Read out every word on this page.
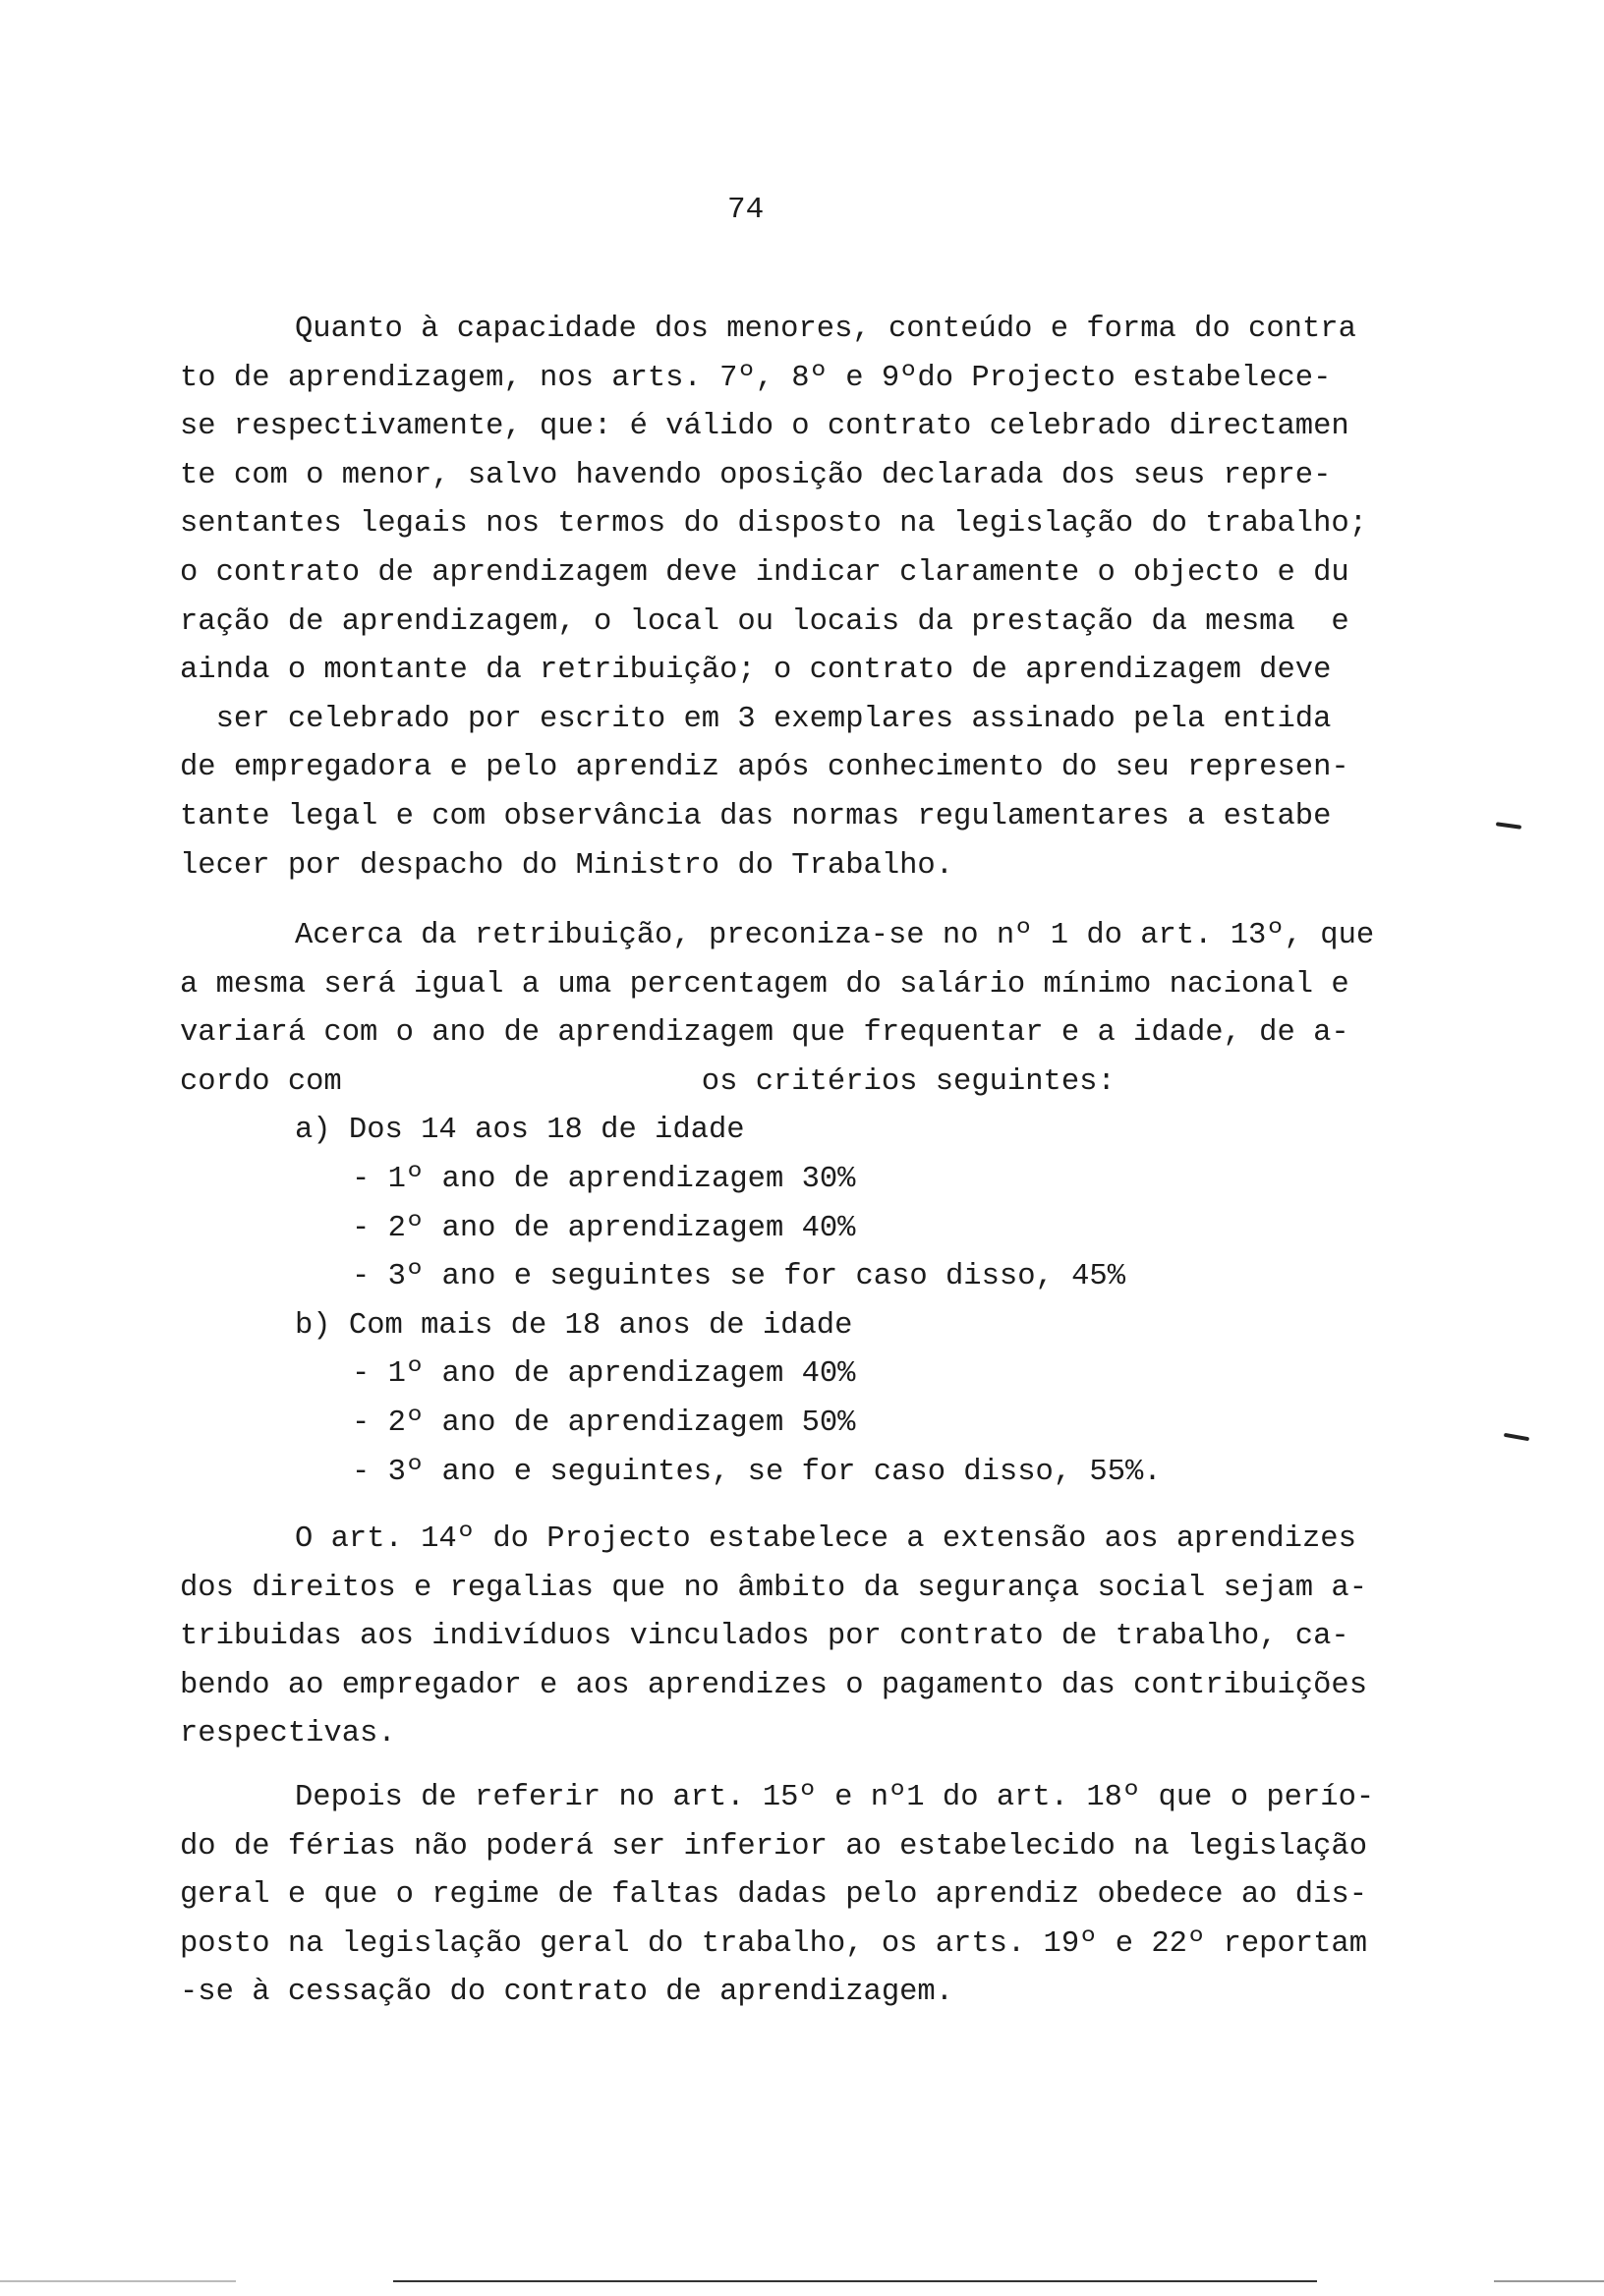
74
Quanto à capacidade dos menores, conteúdo e forma do contra
to de aprendizagem, nos arts. 7º, 8º e 9ºdo Projecto estabelece-
se respectivamente, que: é válido o contrato celebrado directamen
te com o menor, salvo havendo oposição declarada dos seus repre-
sentantes legais nos termos do disposto na legislação do trabalho;
o contrato de aprendizagem deve indicar claramente o objecto e du
ração de aprendizagem, o local ou locais da prestação da mesma  e
ainda o montante da retribuição; o contrato de aprendizagem deve
ser celebrado por escrito em 3 exemplares assinado pela entida
de empregadora e pelo aprendiz após conhecimento do seu represen-
tante legal e com observância das normas regulamentares a estabe
lecer por despacho do Ministro do Trabalho.
Acerca da retribuição, preconiza-se no nº 1 do art. 13º, que
a mesma será igual a uma percentagem do salário mínimo nacional e
variará com o ano de aprendizagem que frequentar e a idade, de a-
cordo com                    os critérios seguintes:
a) Dos 14 aos 18 de idade
- 1º ano de aprendizagem 30%
- 2º ano de aprendizagem 40%
- 3º ano e seguintes se for caso disso, 45%
b) Com mais de 18 anos de idade
- 1º ano de aprendizagem 40%
- 2º ano de aprendizagem 50%
- 3º ano e seguintes, se for caso disso, 55%.
O art. 14º do Projecto estabelece a extensão aos aprendizes
dos direitos e regalias que no âmbito da segurança social sejam a-
tribuidas aos indivíduos vinculados por contrato de trabalho, ca-
bendo ao empregador e aos aprendizes o pagamento das contribuições
respectivas.
Depois de referir no art. 15º e nº1 do art. 18º que o perío-
do de férias não poderá ser inferior ao estabelecido na legislação
geral e que o regime de faltas dadas pelo aprendiz obedece ao dis-
posto na legislação geral do trabalho, os arts. 19º e 22º reportam
-se à cessação do contrato de aprendizagem.
